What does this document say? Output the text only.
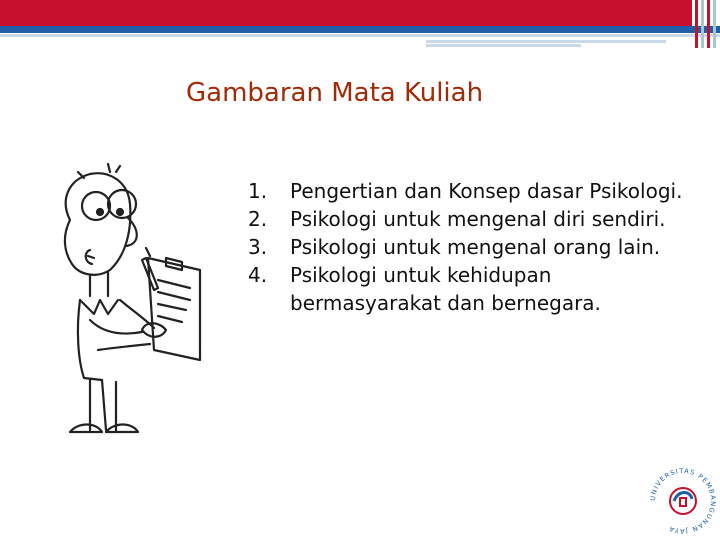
Gambaran Mata Kuliah
1. Pengertian dan Konsep dasar Psikologi.
2. Psikologi untuk mengenal diri sendiri.
3. Psikologi untuk mengenal orang lain.
4. Psikologi untuk kehidupan bermasyarakat dan bernegara.
UNIVERSITAS PEMBANGUNAN JAYA
